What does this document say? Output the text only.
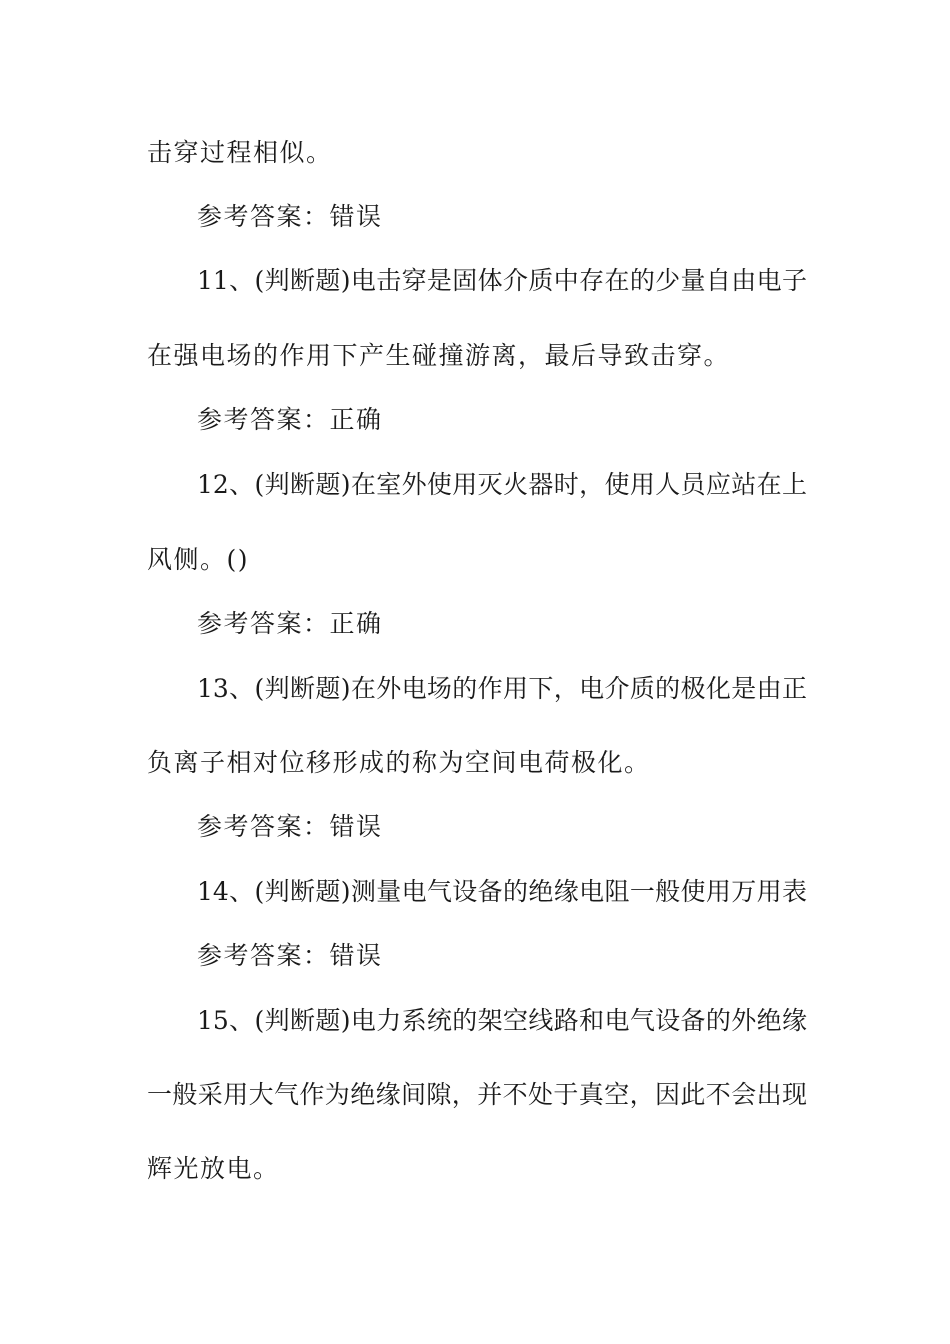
击穿过程相似。
参考答案：错误
11、(判断题)电击穿是固体介质中存在的少量自由电子
在强电场的作用下产生碰撞游离，最后导致击穿。
参考答案：正确
12、(判断题)在室外使用灭火器时，使用人员应站在上
风侧。()
参考答案：正确
13、(判断题)在外电场的作用下，电介质的极化是由正
负离子相对位移形成的称为空间电荷极化。
参考答案：错误
14、(判断题)测量电气设备的绝缘电阻一般使用万用表
参考答案：错误
15、(判断题)电力系统的架空线路和电气设备的外绝缘
一般采用大气作为绝缘间隙，并不处于真空，因此不会出现
辉光放电。
